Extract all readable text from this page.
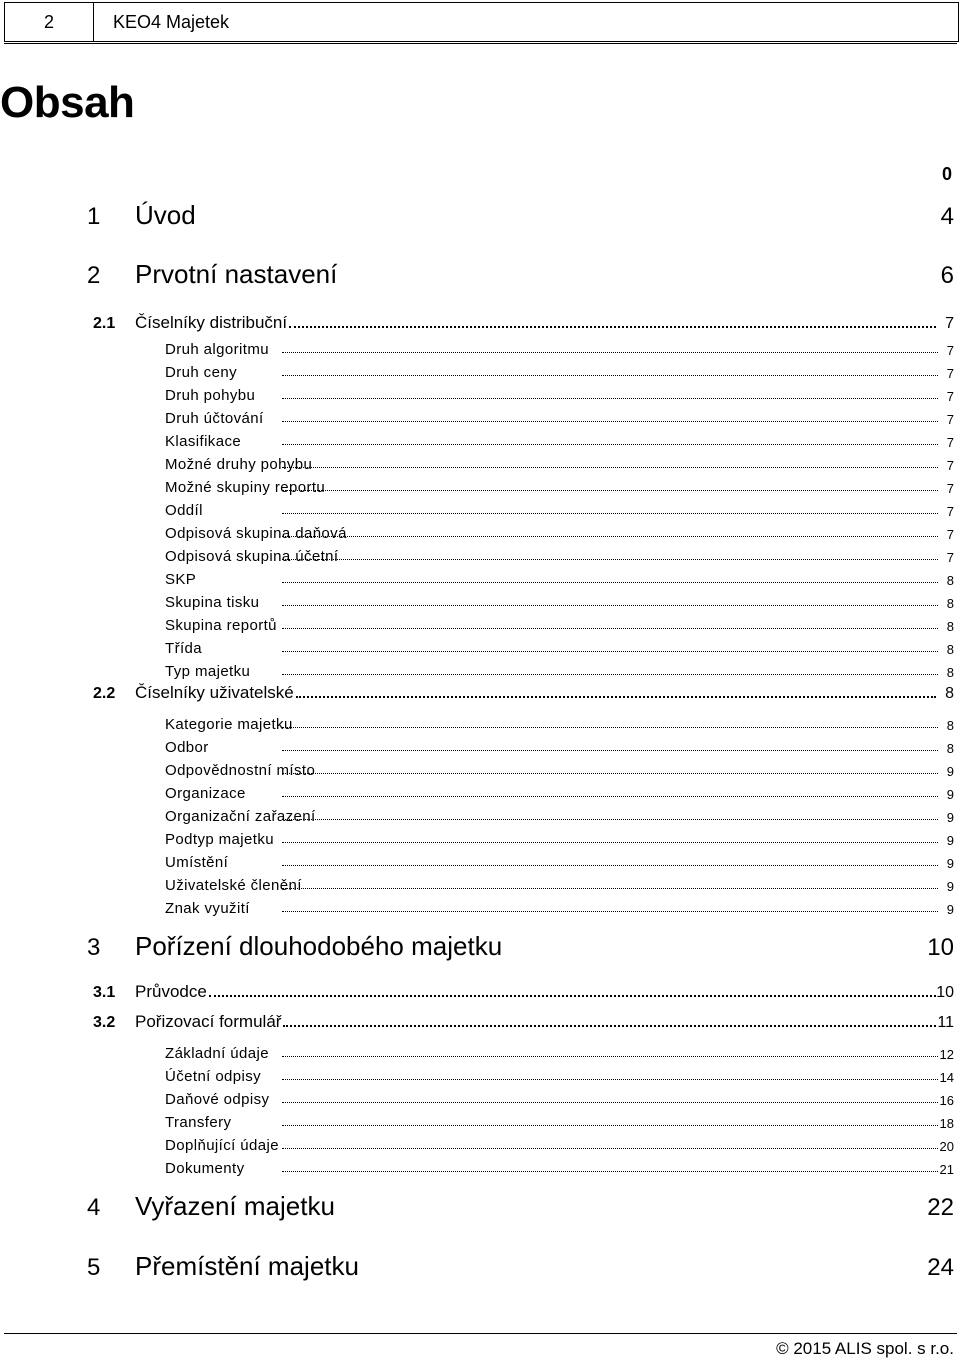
2	KEO4 Majetek
Obsah
0
1 Úvod	4
2 Prvotní nastavení	6
2.1 Číselníky distribuční	7
Druh algoritmu	7
Druh ceny	7
Druh pohybu	7
Druh účtování	7
Klasifikace	7
Možné druhy pohybu	7
Možné skupiny reportu	7
Oddíl	7
Odpisová skupina daňová	7
Odpisová skupina účetní	7
SKP	8
Skupina tisku	8
Skupina reportů	8
Třída	8
Typ majetku	8
2.2 Číselníky uživatelské	8
Kategorie majetku	8
Odbor	8
Odpovědnostní místo	9
Organizace	9
Organizační zařazení	9
Podtyp majetku	9
Umístění	9
Uživatelské členění	9
Znak využití	9
3 Pořízení dlouhodobého majetku	10
3.1 Průvodce	10
3.2 Pořizovací formulář	11
Základní údaje	12
Účetní odpisy	14
Daňové odpisy	16
Transfery	18
Doplňující údaje	20
Dokumenty	21
4 Vyřazení majetku	22
5 Přemístění majetku	24
© 2015 ALIS spol. s r.o.
